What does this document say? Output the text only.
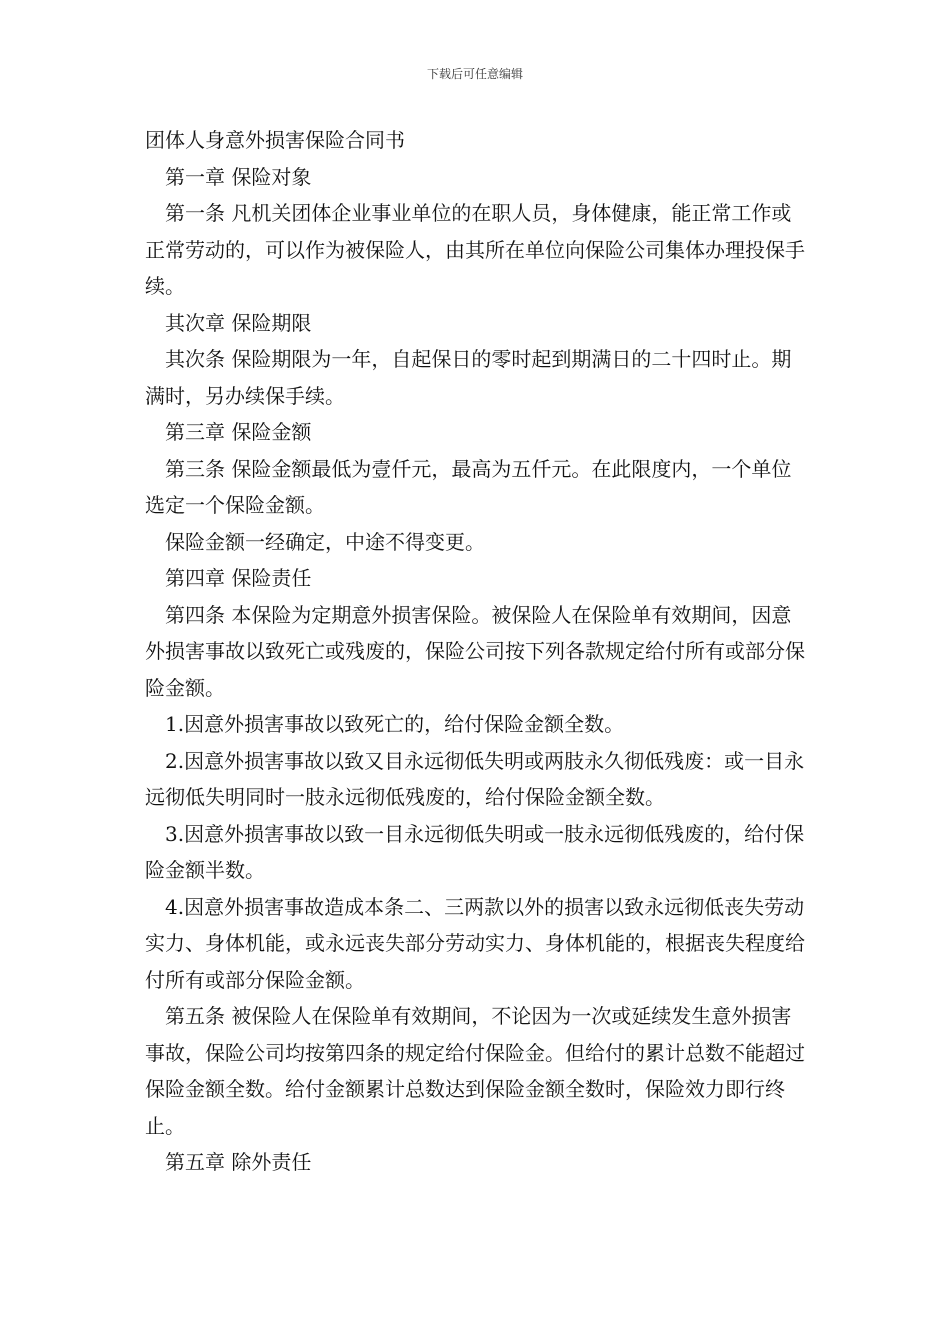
下载后可任意编辑

团体人身意外损害保险合同书

第一章 保险对象

第一条 凡机关团体企业事业单位的在职人员，身体健康，能正常工作或正常劳动的，可以作为被保险人，由其所在单位向保险公司集体办理投保手续。

其次章 保险期限

其次条 保险期限为一年，自起保日的零时起到期满日的二十四时止。期满时，另办续保手续。

第三章 保险金额

第三条 保险金额最低为壹仟元，最高为五仟元。在此限度内，一个单位选定一个保险金额。

保险金额一经确定，中途不得变更。

第四章 保险责任

第四条 本保险为定期意外损害保险。被保险人在保险单有效期间，因意外损害事故以致死亡或残废的，保险公司按下列各款规定给付所有或部分保险金额。

1.因意外损害事故以致死亡的，给付保险金额全数。

2.因意外损害事故以致又目永远彻低失明或两肢永久彻低残废：或一目永远彻低失明同时一肢永远彻低残废的，给付保险金额全数。

3.因意外损害事故以致一目永远彻低失明或一肢永远彻低残废的，给付保险金额半数。

4.因意外损害事故造成本条二、三两款以外的损害以致永远彻低丧失劳动实力、身体机能，或永远丧失部分劳动实力、身体机能的，根据丧失程度给付所有或部分保险金额。

第五条 被保险人在保险单有效期间，不论因为一次或延续发生意外损害事故，保险公司均按第四条的规定给付保险金。但给付的累计总数不能超过保险金额全数。给付金额累计总数达到保险金额全数时，保险效力即行终止。

第五章 除外责任
